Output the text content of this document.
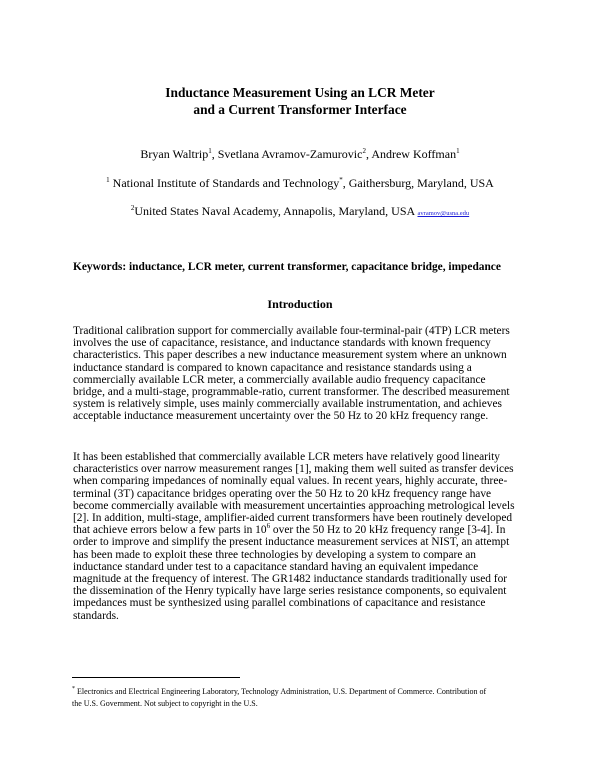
Inductance Measurement Using an LCR Meter
and a Current Transformer Interface
Bryan Waltrip$^1$, Svetlana Avramov-Zamurovic$^2$, Andrew Koffman$^1$
$^1$ National Institute of Standards and Technology*, Gaithersburg, Maryland, USA
$^2$United States Naval Academy, Annapolis, Maryland, USA avramov@usna.edu
Keywords: inductance, LCR meter, current transformer, capacitance bridge, impedance
Introduction
Traditional calibration support for commercially available four-terminal-pair (4TP) LCR meters
involves the use of capacitance, resistance, and inductance standards with known frequency
characteristics. This paper describes a new inductance measurement system where an unknown
inductance standard is compared to known capacitance and resistance standards using a
commercially available LCR meter, a commercially available audio frequency capacitance
bridge, and a multi-stage, programmable-ratio, current transformer. The described measurement
system is relatively simple, uses mainly commercially available instrumentation, and achieves
acceptable inductance measurement uncertainty over the 50 Hz to 20 kHz frequency range.
It has been established that commercially available LCR meters have relatively good linearity
characteristics over narrow measurement ranges [1], making them well suited as transfer devices
when comparing impedances of nominally equal values. In recent years, highly accurate, three-
terminal (3T) capacitance bridges operating over the 50 Hz to 20 kHz frequency range have
become commercially available with measurement uncertainties approaching metrological levels
[2]. In addition, multi-stage, amplifier-aided current transformers have been routinely developed
that achieve errors below a few parts in $10^6$ over the 50 Hz to 20 kHz frequency range [3-4]. In
order to improve and simplify the present inductance measurement services at NIST, an attempt
has been made to exploit these three technologies by developing a system to compare an
inductance standard under test to a capacitance standard having an equivalent impedance
magnitude at the frequency of interest. The GR1482 inductance standards traditionally used for
the dissemination of the Henry typically have large series resistance components, so equivalent
impedances must be synthesized using parallel combinations of capacitance and resistance
standards.
* Electronics and Electrical Engineering Laboratory, Technology Administration, U.S. Department of Commerce. Contribution of
the U.S. Government. Not subject to copyright in the U.S.
